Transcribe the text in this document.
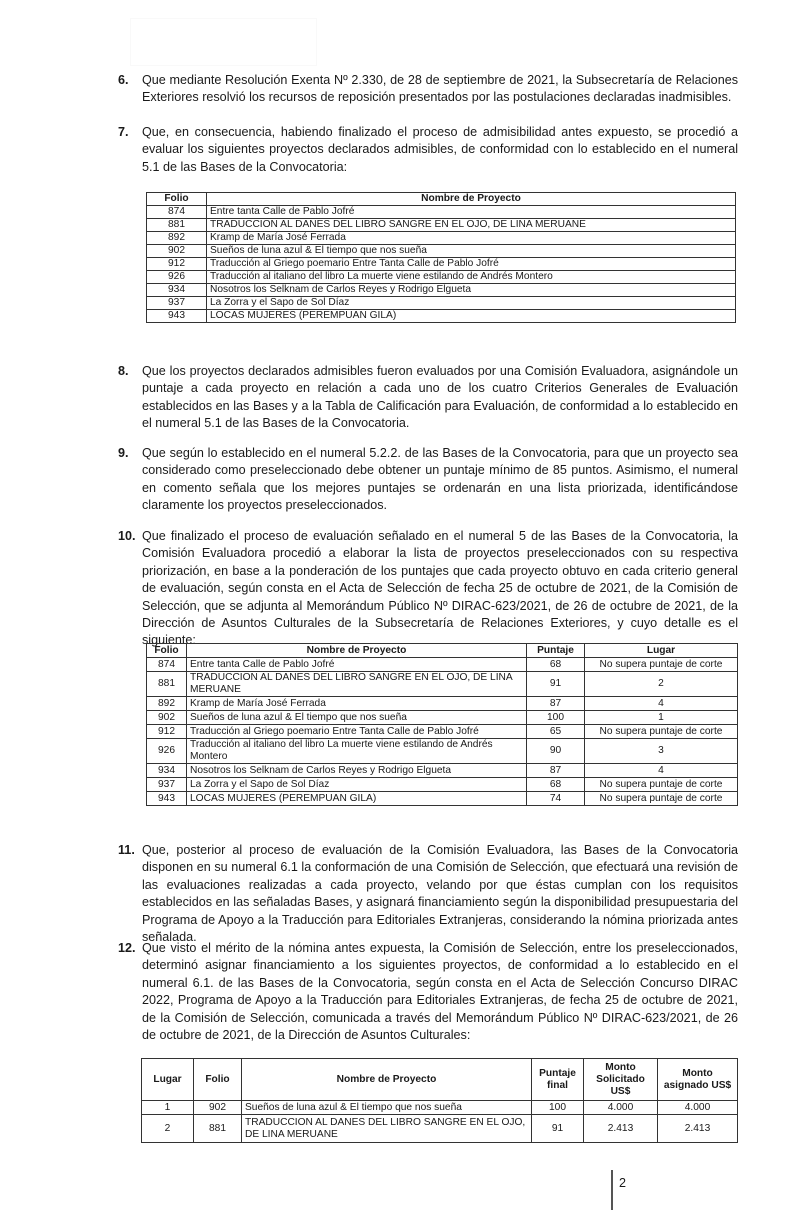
6.	Que mediante Resolución Exenta Nº 2.330, de 28 de septiembre de 2021, la Subsecretaría de Relaciones Exteriores resolvió los recursos de reposición presentados por las postulaciones declaradas inadmisibles.
7.	Que, en consecuencia, habiendo finalizado el proceso de admisibilidad antes expuesto, se procedió a evaluar los siguientes proyectos declarados admisibles, de conformidad con lo establecido en el numeral 5.1 de las Bases de la Convocatoria:
Folio	Nombre de Proyecto
874	Entre tanta Calle de Pablo Jofré
881	TRADUCCION AL DANES DEL LIBRO SANGRE EN EL OJO, DE LINA MERUANE
892	Kramp de María José Ferrada
902	Sueños de luna azul & El tiempo que nos sueña
912	Traducción al Griego poemario Entre Tanta Calle de Pablo Jofré
926	Traducción al italiano del libro La muerte viene estilando de Andrés Montero
934	Nosotros los Selknam de Carlos Reyes y Rodrigo Elgueta
937	La Zorra y el Sapo de Sol Díaz
943	LOCAS MUJERES (PEREMPUAN GILA)
8.	Que los proyectos declarados admisibles fueron evaluados por una Comisión Evaluadora, asignándole un puntaje a cada proyecto en relación a cada uno de los cuatro Criterios Generales de Evaluación establecidos en las Bases y a la Tabla de Calificación para Evaluación, de conformidad a lo establecido en el numeral 5.1 de las Bases de la Convocatoria.
9.	Que según lo establecido en el numeral 5.2.2. de las Bases de la Convocatoria, para que un proyecto sea considerado como preseleccionado debe obtener un puntaje mínimo de 85 puntos. Asimismo, el numeral en comento señala que los mejores puntajes se ordenarán en una lista priorizada, identificándose claramente los proyectos preseleccionados.
10. Que finalizado el proceso de evaluación señalado en el numeral 5 de las Bases de la Convocatoria, la Comisión Evaluadora procedió a elaborar la lista de proyectos preseleccionados con su respectiva priorización, en base a la ponderación de los puntajes que cada proyecto obtuvo en cada criterio general de evaluación, según consta en el Acta de Selección de fecha 25 de octubre de 2021, de la Comisión de Selección, que se adjunta al Memorándum Público Nº DIRAC-623/2021, de 26 de octubre de 2021, de la Dirección de Asuntos Culturales de la Subsecretaría de Relaciones Exteriores, y cuyo detalle es el siguiente:
Folio	Nombre de Proyecto	Puntaje	Lugar
874	Entre tanta Calle de Pablo Jofré	68	No supera puntaje de corte
881	TRADUCCION AL DANES DEL LIBRO SANGRE EN EL OJO, DE LINA MERUANE	91	2
892	Kramp de María José Ferrada	87	4
902	Sueños de luna azul & El tiempo que nos sueña	100	1
912	Traducción al Griego poemario Entre Tanta Calle de Pablo Jofré	65	No supera puntaje de corte
926	Traducción al italiano del libro La muerte viene estilando de Andrés Montero	90	3
934	Nosotros los Selknam de Carlos Reyes y Rodrigo Elgueta	87	4
937	La Zorra y el Sapo de Sol Díaz	68	No supera puntaje de corte
943	LOCAS MUJERES (PEREMPUAN GILA)	74	No supera puntaje de corte
11. Que, posterior al proceso de evaluación de la Comisión Evaluadora, las Bases de la Convocatoria disponen en su numeral 6.1 la conformación de una Comisión de Selección, que efectuará una revisión de las evaluaciones realizadas a cada proyecto, velando por que éstas cumplan con los requisitos establecidos en las señaladas Bases, y asignará financiamiento según la disponibilidad presupuestaria del Programa de Apoyo a la Traducción para Editoriales Extranjeras, considerando la nómina priorizada antes señalada.
12. Que visto el mérito de la nómina antes expuesta, la Comisión de Selección, entre los preseleccionados, determinó asignar financiamiento a los siguientes proyectos, de conformidad a lo establecido en el numeral 6.1. de las Bases de la Convocatoria, según consta en el Acta de Selección Concurso DIRAC 2022, Programa de Apoyo a la Traducción para Editoriales Extranjeras, de fecha 25 de octubre de 2021, de la Comisión de Selección, comunicada a través del Memorándum Público Nº DIRAC-623/2021, de 26 de octubre de 2021, de la Dirección de Asuntos Culturales:
Lugar	Folio	Nombre de Proyecto	Puntaje final	Monto Solicitado US$	Monto asignado US$
1	902	Sueños de luna azul & El tiempo que nos sueña	100	4.000	4.000
2	881	TRADUCCION AL DANES DEL LIBRO SANGRE EN EL OJO, DE LINA MERUANE	91	2.413	2.413
2
